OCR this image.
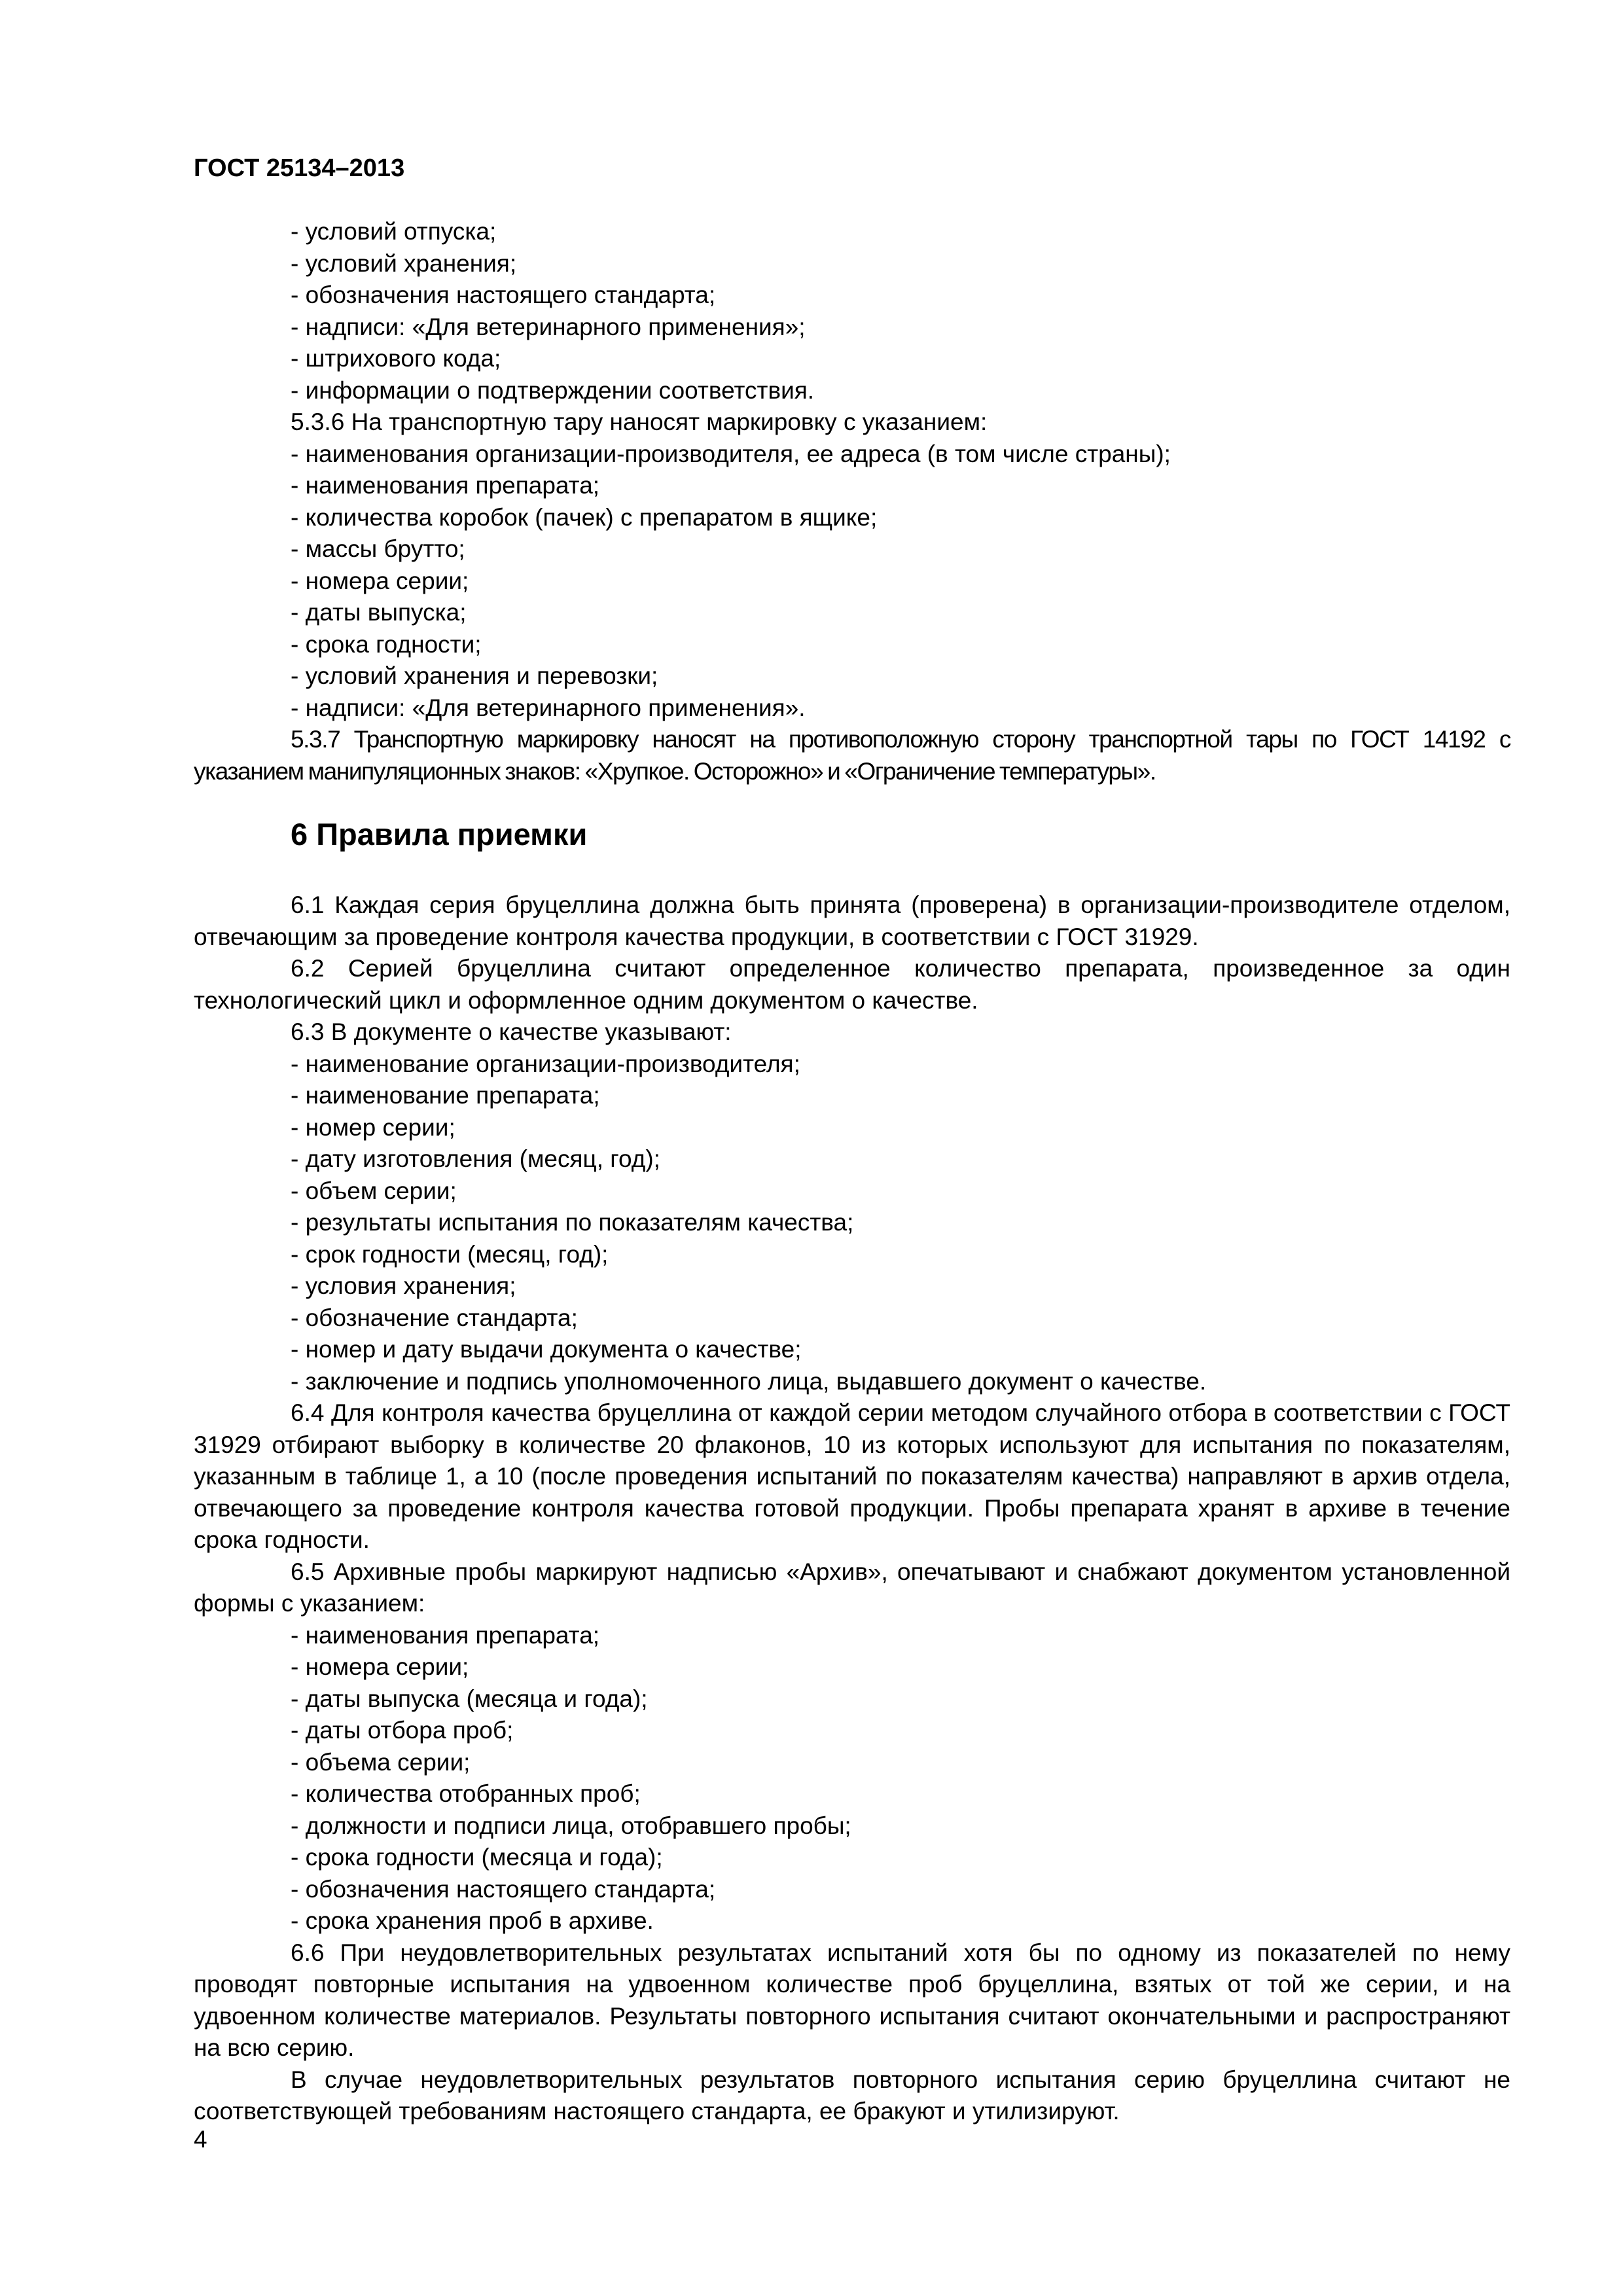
ГОСТ 25134–2013

- условий отпуска;

- условий хранения;

- обозначения настоящего стандарта;

- надписи: «Для ветеринарного применения»;

- штрихового кода;

- информации о подтверждении соответствия.

5.3.6 На транспортную тару наносят маркировку с указанием:

- наименования организации-производителя, ее адреса (в том числе страны);

- наименования препарата;

- количества коробок (пачек) с препаратом в ящике;

- массы брутто;

- номера серии;

- даты выпуска;

- срока годности;

- условий хранения и перевозки;

- надписи: «Для ветеринарного применения».

5.3.7 Транспортную маркировку наносят на противоположную сторону транспортной тары по ГОСТ 14192 с указанием манипуляционных знаков: «Хрупкое. Осторожно» и «Ограничение температуры».

6 Правила приемки

6.1 Каждая серия бруцеллина должна быть принята (проверена) в организации-производителе отделом, отвечающим за проведение контроля качества продукции, в соответствии с ГОСТ 31929.

6.2 Серией бруцеллина считают определенное количество препарата, произведенное за один технологический цикл и оформленное одним документом о качестве.

6.3 В документе о качестве указывают:

- наименование организации-производителя;

- наименование препарата;

- номер серии;

- дату изготовления (месяц, год);

- объем серии;

- результаты испытания по показателям качества;

- срок годности (месяц, год);

- условия хранения;

- обозначение стандарта;

- номер и дату выдачи документа о качестве;

- заключение и подпись уполномоченного лица, выдавшего документ о качестве.

6.4 Для контроля качества бруцеллина от каждой серии методом случайного отбора в соответствии с ГОСТ 31929 отбирают выборку в количестве 20 флаконов, 10 из которых используют для испытания по показателям, указанным в таблице 1, а 10 (после проведения испытаний по показателям качества) направляют в архив отдела, отвечающего за проведение контроля качества готовой продукции. Пробы препарата хранят в архиве в течение срока годности.

6.5 Архивные пробы маркируют надписью «Архив», опечатывают и снабжают документом установленной формы с указанием:

- наименования препарата;

- номера серии;

- даты выпуска (месяца и года);

- даты отбора проб;

- объема серии;

- количества отобранных проб;

- должности и подписи лица, отобравшего пробы;

- срока годности (месяца и года);

- обозначения настоящего стандарта;

- срока хранения проб в архиве.

6.6 При неудовлетворительных результатах испытаний хотя бы по одному из показателей по нему проводят повторные испытания на удвоенном количестве проб бруцеллина, взятых от той же серии, и на удвоенном количестве материалов. Результаты повторного испытания считают окончательными и распространяют на всю серию.

В случае неудовлетворительных результатов повторного испытания серию бруцеллина считают не соответствующей требованиям настоящего стандарта, ее бракуют и утилизируют.

4
